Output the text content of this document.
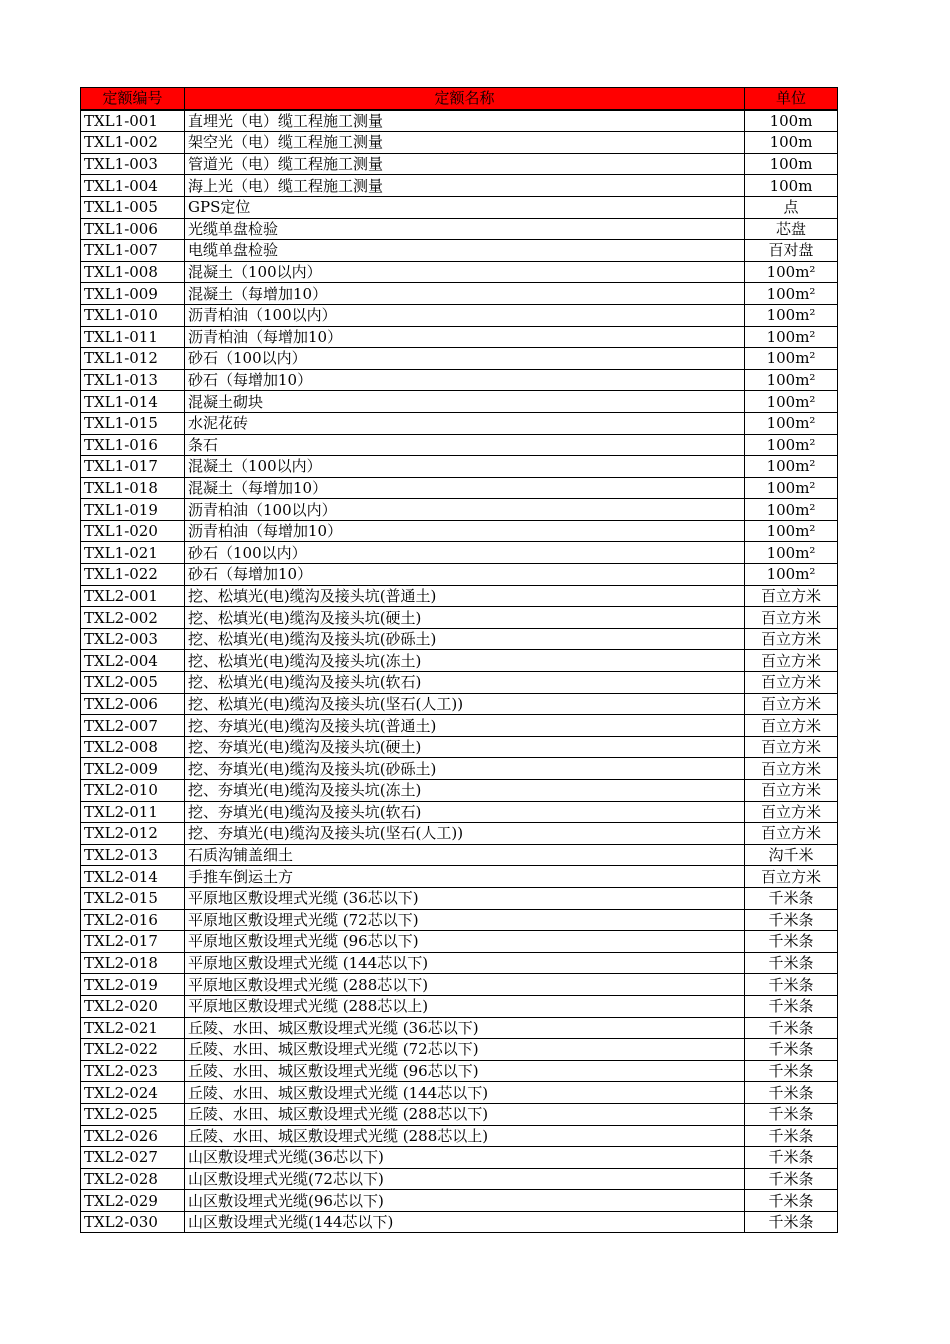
定额编号	定额名称	单位
TXL1-001	直埋光（电）缆工程施工测量	100m
TXL1-002	架空光（电）缆工程施工测量	100m
TXL1-003	管道光（电）缆工程施工测量	100m
TXL1-004	海上光（电）缆工程施工测量	100m
TXL1-005	GPS定位	点
TXL1-006	光缆单盘检验	芯盘
TXL1-007	电缆单盘检验	百对盘
TXL1-008	混凝土（100以内）	100m²
TXL1-009	混凝土（每增加10）	100m²
TXL1-010	沥青柏油（100以内）	100m²
TXL1-011	沥青柏油（每增加10）	100m²
TXL1-012	砂石（100以内）	100m²
TXL1-013	砂石（每增加10）	100m²
TXL1-014	混凝土砌块	100m²
TXL1-015	水泥花砖	100m²
TXL1-016	条石	100m²
TXL1-017	混凝土（100以内）	100m²
TXL1-018	混凝土（每增加10）	100m²
TXL1-019	沥青柏油（100以内）	100m²
TXL1-020	沥青柏油（每增加10）	100m²
TXL1-021	砂石（100以内）	100m²
TXL1-022	砂石（每增加10）	100m²
TXL2-001	挖、松填光(电)缆沟及接头坑(普通土)	百立方米
TXL2-002	挖、松填光(电)缆沟及接头坑(硬土)	百立方米
TXL2-003	挖、松填光(电)缆沟及接头坑(砂砾土)	百立方米
TXL2-004	挖、松填光(电)缆沟及接头坑(冻土)	百立方米
TXL2-005	挖、松填光(电)缆沟及接头坑(软石)	百立方米
TXL2-006	挖、松填光(电)缆沟及接头坑(坚石(人工))	百立方米
TXL2-007	挖、夯填光(电)缆沟及接头坑(普通土)	百立方米
TXL2-008	挖、夯填光(电)缆沟及接头坑(硬土)	百立方米
TXL2-009	挖、夯填光(电)缆沟及接头坑(砂砾土)	百立方米
TXL2-010	挖、夯填光(电)缆沟及接头坑(冻土)	百立方米
TXL2-011	挖、夯填光(电)缆沟及接头坑(软石)	百立方米
TXL2-012	挖、夯填光(电)缆沟及接头坑(坚石(人工))	百立方米
TXL2-013	石质沟铺盖细土	沟千米
TXL2-014	手推车倒运土方	百立方米
TXL2-015	平原地区敷设埋式光缆 (36芯以下)	千米条
TXL2-016	平原地区敷设埋式光缆 (72芯以下)	千米条
TXL2-017	平原地区敷设埋式光缆 (96芯以下)	千米条
TXL2-018	平原地区敷设埋式光缆 (144芯以下)	千米条
TXL2-019	平原地区敷设埋式光缆 (288芯以下)	千米条
TXL2-020	平原地区敷设埋式光缆 (288芯以上)	千米条
TXL2-021	丘陵、水田、城区敷设埋式光缆 (36芯以下)	千米条
TXL2-022	丘陵、水田、城区敷设埋式光缆 (72芯以下)	千米条
TXL2-023	丘陵、水田、城区敷设埋式光缆 (96芯以下)	千米条
TXL2-024	丘陵、水田、城区敷设埋式光缆 (144芯以下)	千米条
TXL2-025	丘陵、水田、城区敷设埋式光缆 (288芯以下)	千米条
TXL2-026	丘陵、水田、城区敷设埋式光缆 (288芯以上)	千米条
TXL2-027	山区敷设埋式光缆(36芯以下)	千米条
TXL2-028	山区敷设埋式光缆(72芯以下)	千米条
TXL2-029	山区敷设埋式光缆(96芯以下)	千米条
TXL2-030	山区敷设埋式光缆(144芯以下)	千米条
